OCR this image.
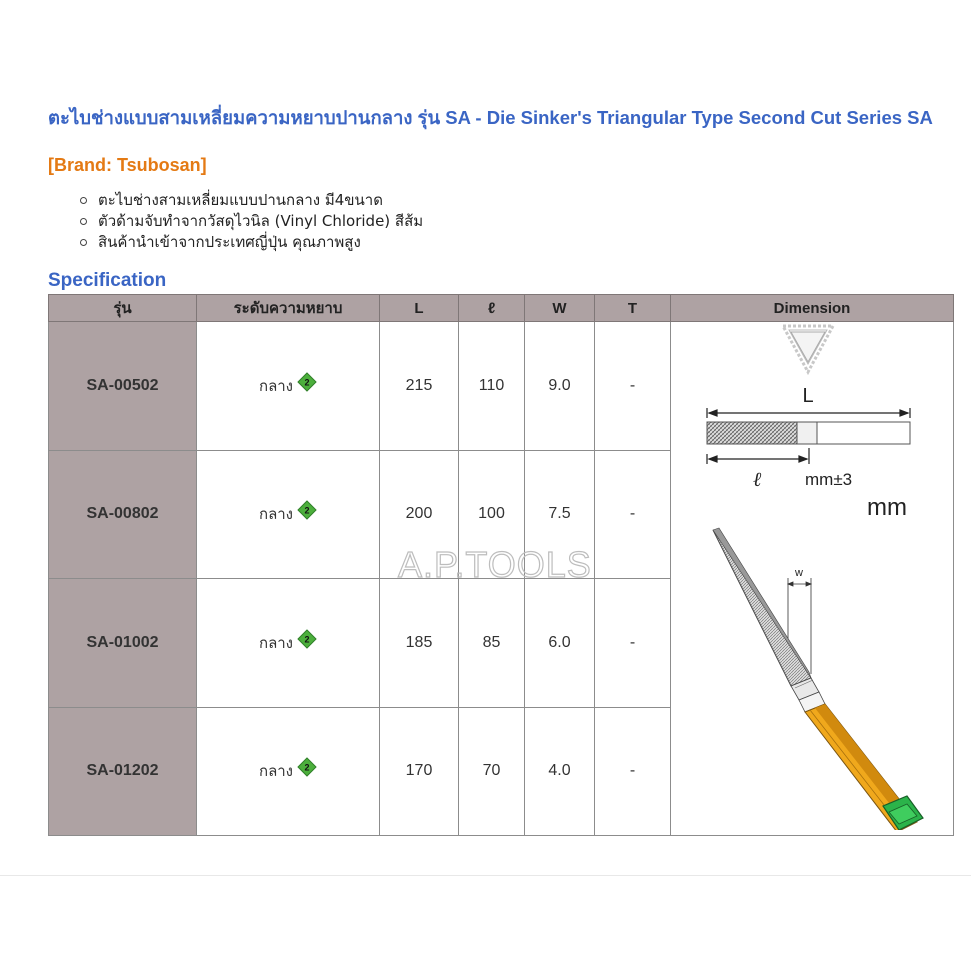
ตะไบช่างแบบสามเหลี่ยมความหยาบปานกลาง รุ่น SA - Die Sinker's Triangular Type Second Cut Series SA
[Brand: Tsubosan]
ตะไบช่างสามเหลี่ยมแบบปานกลาง มี4ขนาด
ตัวด้ามจับทำจากวัสดุไวนิล (Vinyl Chloride) สีส้ม
สินค้านำเข้าจากประเทศญี่ปุ่น คุณภาพสูง
Specification
รุ่น	ระดับความหยาบ	L	ℓ	W	T	Dimension
SA-00502	กลาง 2	215	110	9.0	-	L
ℓ mm±3
mm
w

SA-00802	กลาง 2	200	100	7.5	-	
SA-01002	กลาง 2	185	85	6.0	-	
SA-01202	กลาง 2	170	70	4.0	-	
A.P.TOOLS
